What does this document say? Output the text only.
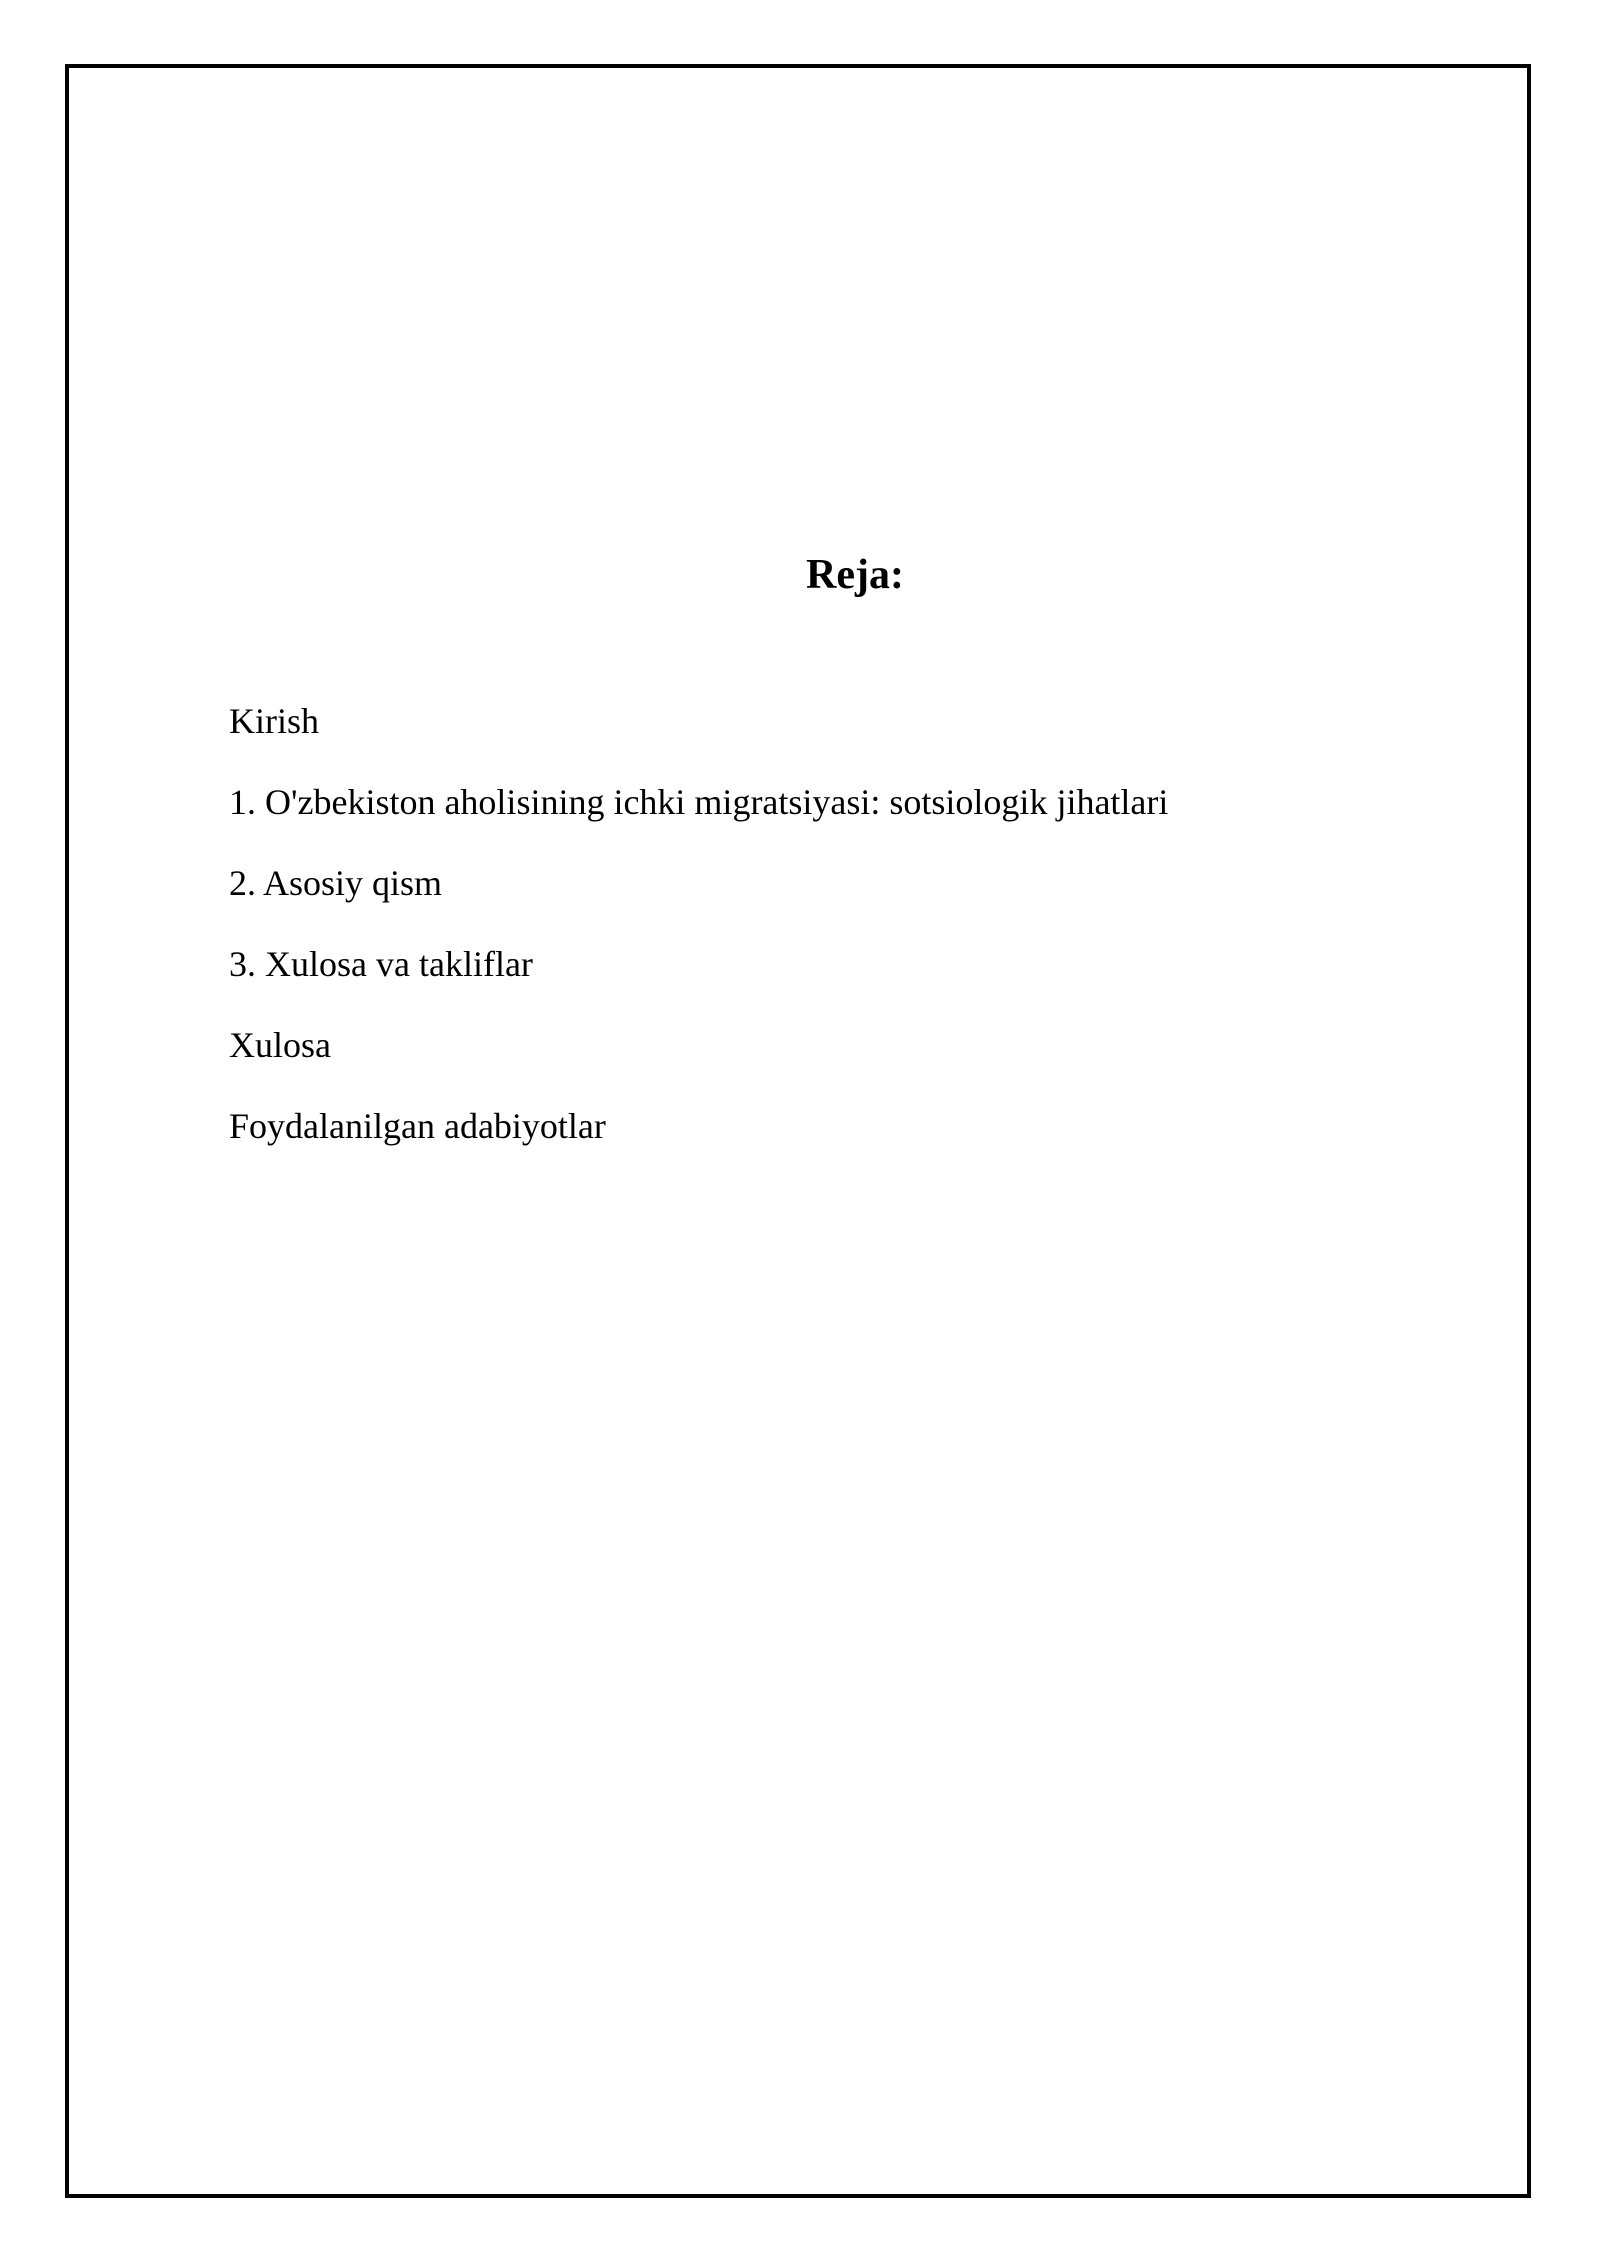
Reja:
Kirish
1. O'zbekiston aholisining ichki migratsiyasi: sotsiologik jihatlari
2. Asosiy qism
3. Xulosa va takliflar
Xulosa
Foydalanilgan adabiyotlar
